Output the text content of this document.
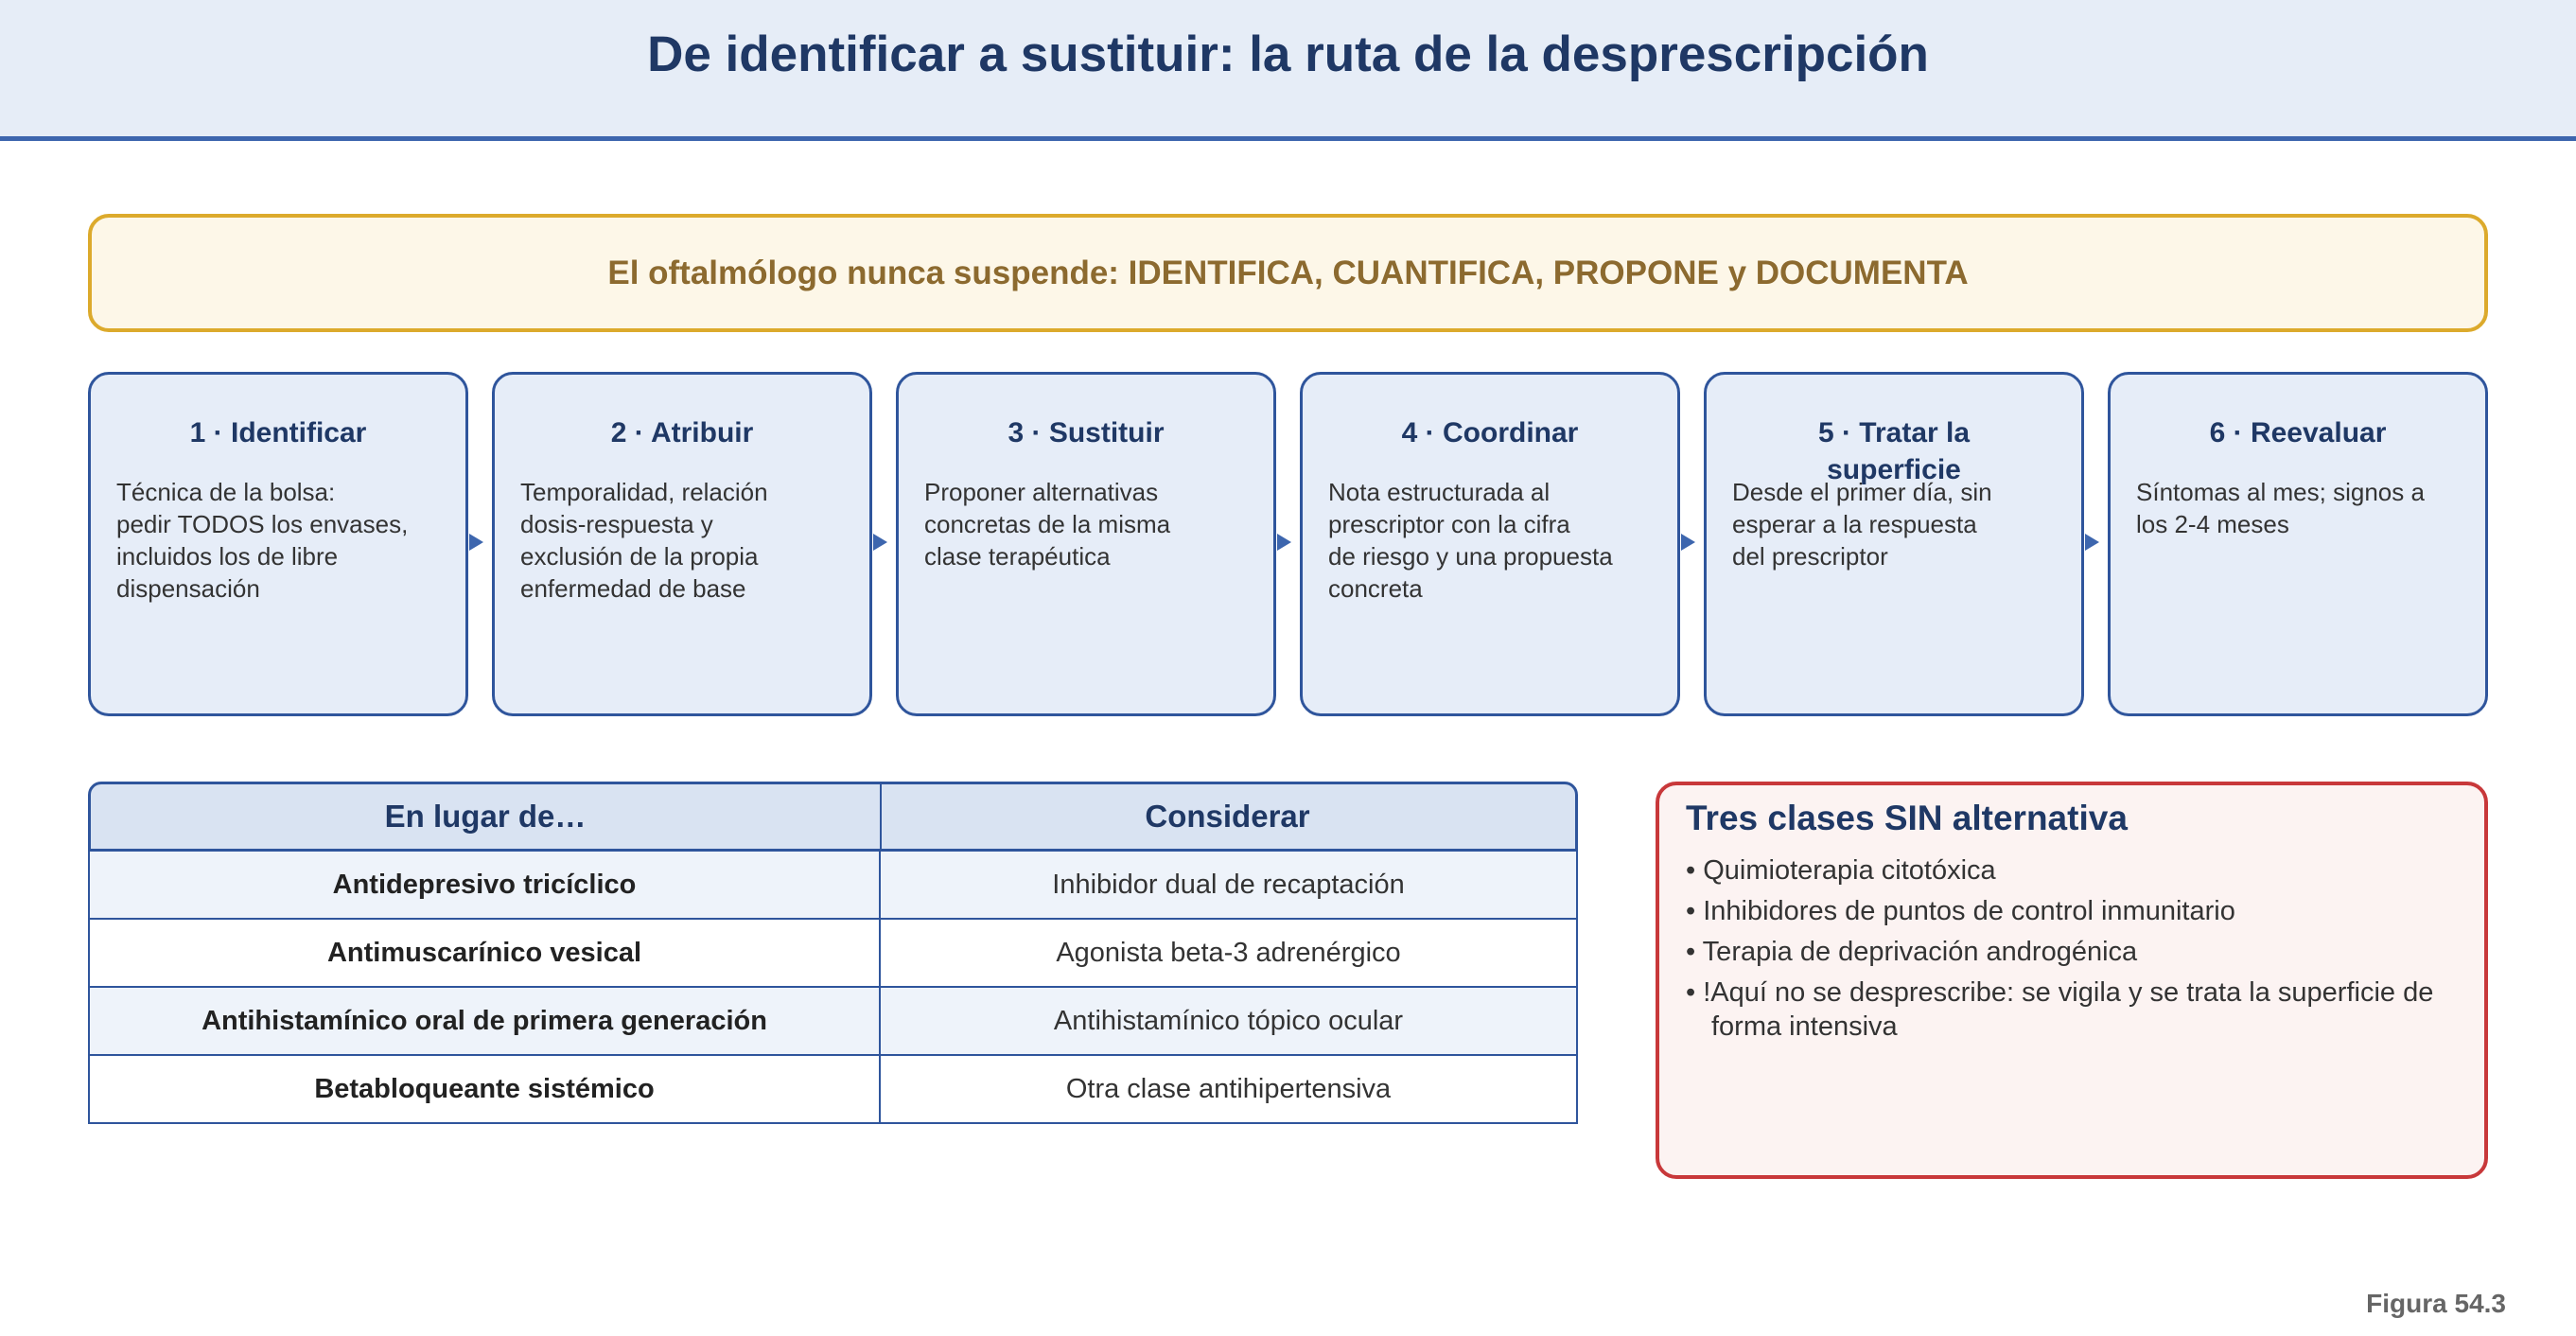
De identificar a sustituir: la ruta de la desprescripción
El oftalmólogo nunca suspende: IDENTIFICA, CUANTIFICA, PROPONE y DOCUMENTA
1 · Identificar
Técnica de la bolsa:
pedir TODOS los envases,
incluidos los de libre
dispensación
2 · Atribuir
Temporalidad, relación
dosis-respuesta y
exclusión de la propia
enfermedad de base
3 · Sustituir
Proponer alternativas
concretas de la misma
clase terapéutica
4 · Coordinar
Nota estructurada al
prescriptor con la cifra
de riesgo y una propuesta
concreta
5 · Tratar la superficie
Desde el primer día, sin
esperar a la respuesta
del prescriptor
6 · Reevaluar
Síntomas al mes; signos a
los 2-4 meses
En lugar de…	Considerar
Antidepresivo tricíclico	Inhibidor dual de recaptación
Antimuscarínico vesical	Agonista beta-3 adrenérgico
Antihistamínico oral de primera generación	Antihistamínico tópico ocular
Betabloqueante sistémico	Otra clase antihipertensiva
Tres clases SIN alternativa
• Quimioterapia citotóxica
• Inhibidores de puntos de control inmunitario
• Terapia de deprivación androgénica
• !Aquí no se desprescribe: se vigila y se trata la superficie de forma intensiva
Figura 54.3
